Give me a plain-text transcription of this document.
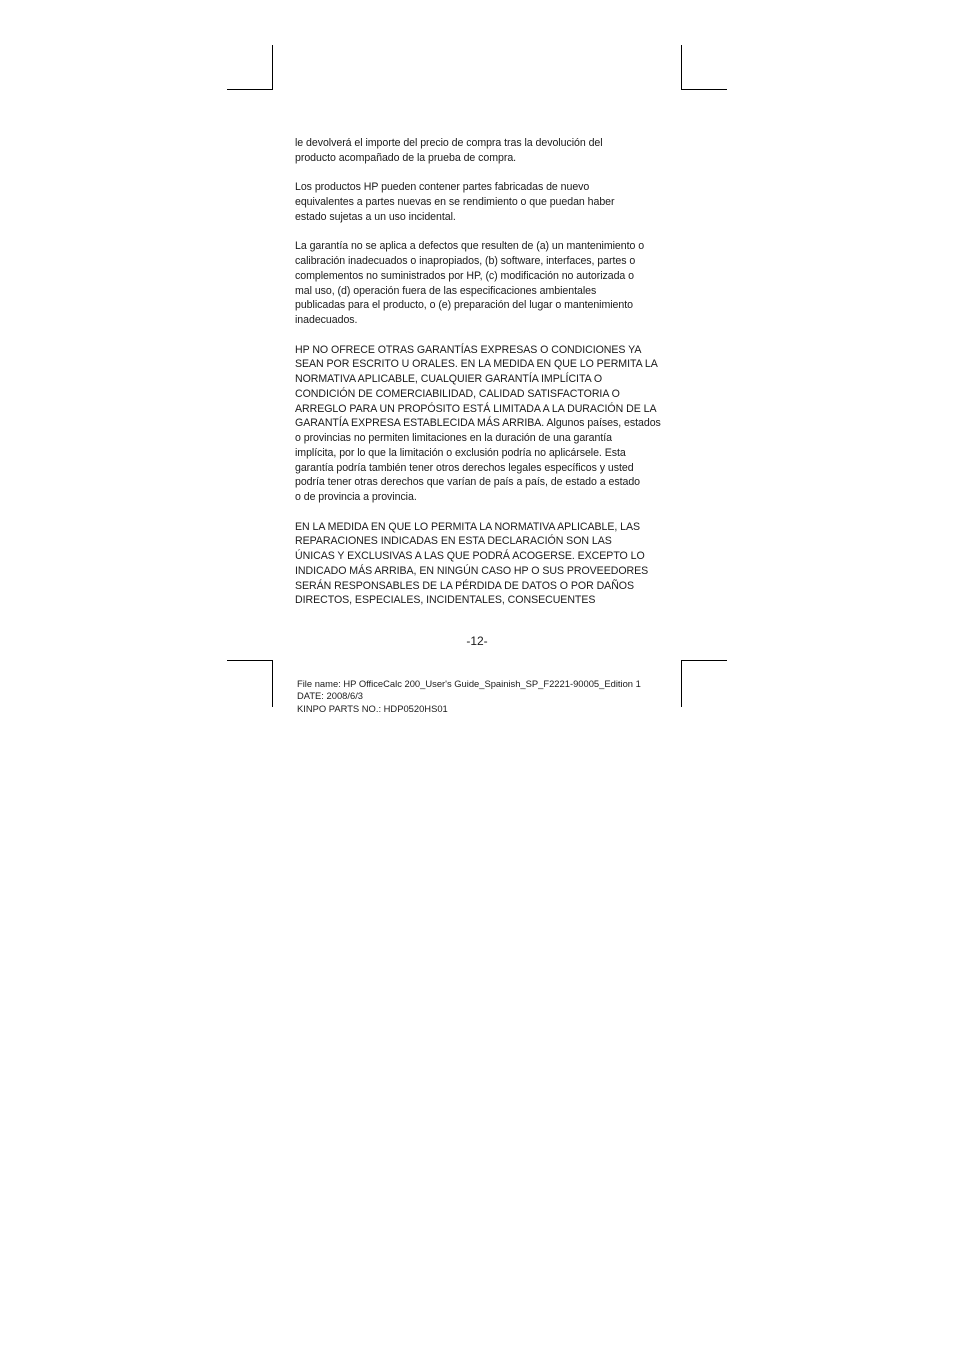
le devolverá el importe del precio de compra tras la devolución del
producto acompañado de la prueba de compra.

Los productos HP pueden contener partes fabricadas de nuevo
equivalentes a partes nuevas en se rendimiento o que puedan haber
estado sujetas a un uso incidental.

La garantía no se aplica a defectos que resulten de (a) un mantenimiento o
calibración inadecuados o inapropiados, (b) software, interfaces, partes o
complementos no suministrados por HP, (c) modificación no autorizada o
mal uso, (d) operación fuera de las especificaciones ambientales
publicadas para el producto, o (e) preparación del lugar o mantenimiento
inadecuados.

HP NO OFRECE OTRAS GARANTÍAS EXPRESAS O CONDICIONES YA
SEAN POR ESCRITO U ORALES. EN LA MEDIDA EN QUE LO PERMITA LA
NORMATIVA APLICABLE, CUALQUIER GARANTÍA IMPLÍCITA O
CONDICIÓN DE COMERCIABILIDAD, CALIDAD SATISFACTORIA O
ARREGLO PARA UN PROPÓSITO ESTÁ LIMITADA A LA DURACIÓN DE LA
GARANTÍA EXPRESA ESTABLECIDA MÁS ARRIBA. Algunos países, estados
o provincias no permiten limitaciones en la duración de una garantía
implícita, por lo que la limitación o exclusión podría no aplicársele. Esta
garantía podría también tener otros derechos legales específicos y usted
podría tener otras derechos que varían de país a país, de estado a estado
o de provincia a provincia.

EN LA MEDIDA EN QUE LO PERMITA LA NORMATIVA APLICABLE, LAS
REPARACIONES INDICADAS EN ESTA DECLARACIÓN SON LAS
ÚNICAS Y EXCLUSIVAS A LAS QUE PODRÁ ACOGERSE. EXCEPTO LO
INDICADO MÁS ARRIBA, EN NINGÚN CASO HP O SUS PROVEEDORES
SERÁN RESPONSABLES DE LA PÉRDIDA DE DATOS O POR DAÑOS
DIRECTOS, ESPECIALES, INCIDENTALES, CONSECUENTES

-12-
File name: HP OfficeCalc 200_User's Guide_Spainish_SP_F2221-90005_Edition 1
DATE: 2008/6/3
KINPO PARTS NO.: HDP0520HS01
